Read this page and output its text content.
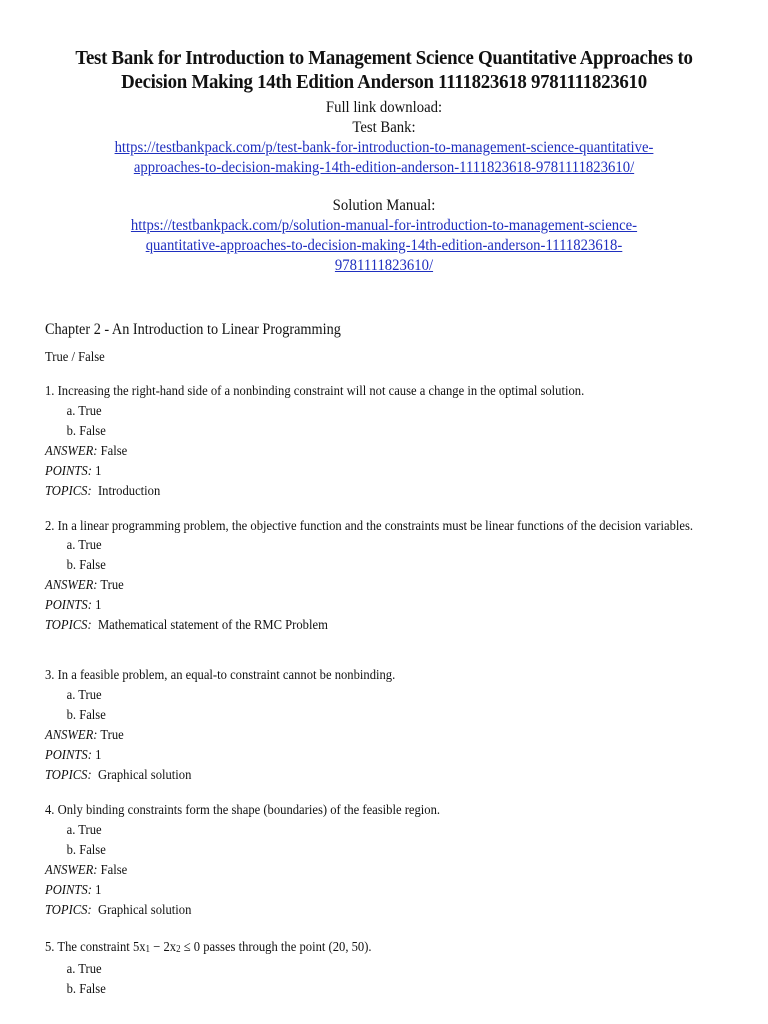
Test Bank for Introduction to Management Science Quantitative Approaches to

Decision Making 14th Edition Anderson 1111823618 9781111823610

Full link download:

Test Bank:

https://testbankpack.com/p/test-bank-for-introduction-to-management-science-quantitative-
approaches-to-decision-making-14th-edition-anderson-1111823618-9781111823610/

Solution Manual:

https://testbankpack.com/p/solution-manual-for-introduction-to-management-science-
quantitative-approaches-to-decision-making-14th-edition-anderson-1111823618-
9781111823610/
Chapter 2 - An Introduction to Linear Programming
True / False
1. Increasing the right-hand side of a nonbinding constraint will not cause a change in the optimal solution.
a. True
b. False
ANSWER: False
POINTS: 1
TOPICS: Introduction
2. In a linear programming problem, the objective function and the constraints must be linear functions of the decision variables.
a. True
b. False
ANSWER: True
POINTS: 1
TOPICS: Mathematical statement of the RMC Problem
3. In a feasible problem, an equal-to constraint cannot be nonbinding.
a. True
b. False
ANSWER: True
POINTS: 1
TOPICS: Graphical solution
4. Only binding constraints form the shape (boundaries) of the feasible region.
a. True
b. False
ANSWER: False
POINTS: 1
TOPICS: Graphical solution
5. The constraint 5x1 − 2x2 ≤ 0 passes through the point (20, 50).
a. True
b. False
